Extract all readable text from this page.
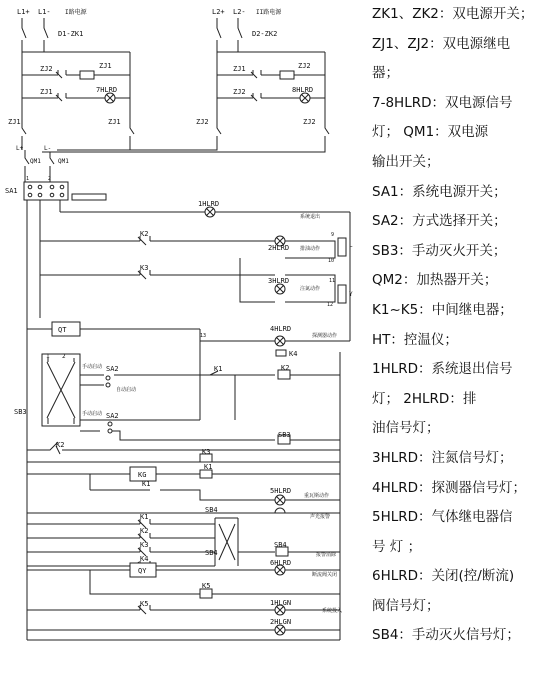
L1+ L1- I路电源
D1-ZK1
ZJ2	ZJ1
ZJ1	7HLRD
ZJ1	ZJ1
L2+ L2- II路电源
D2-ZK2
ZJ1	ZJ2
ZJ2	8HLRD
ZJ2	ZJ2
L+	L-
QM1	QM1
SA1
1	2
1HLRD
系统退出
K2
2HLRD 排油动作	L
9
10
K3
3HLRD
注氮动作
Y
11
12
QT
13
4HLRD
探测器动作
K4
1 2
手动启动
手动启动
SB3
SA2
自动启动
K1	K2
SA2
SB3
K2
K3
KG
K1
K1
5HLRD
重瓦斯动作
SB4
声光报警
K1
K2
K3
K4
SB4
SB4
报警消除
QY
6HLRD
断流阀关闭
K5
K5	1HLGN
系统投入
2HLGN

ZK1、ZK2：双电源开关；

ZJ1、ZJ2：双电源继电

器；

7-8HLRD：双电源信号

灯； QM1：双电源

输出开关；

SA1：系统电源开关；

SA2：方式选择开关；

SB3：手动灭火开关；

QM2：加热器开关；

K1~K5：中间继电器；

HT：控温仪；

1HLRD：系统退出信号

灯； 2HLRD：排

油信号灯；

3HLRD：注氮信号灯；

4HLRD：探测器信号灯；

5HLRD：气体继电器信

号 灯 ；

6HLRD：关闭(控/断流)

阀信号灯；

SB4：手动灭火信号灯；
